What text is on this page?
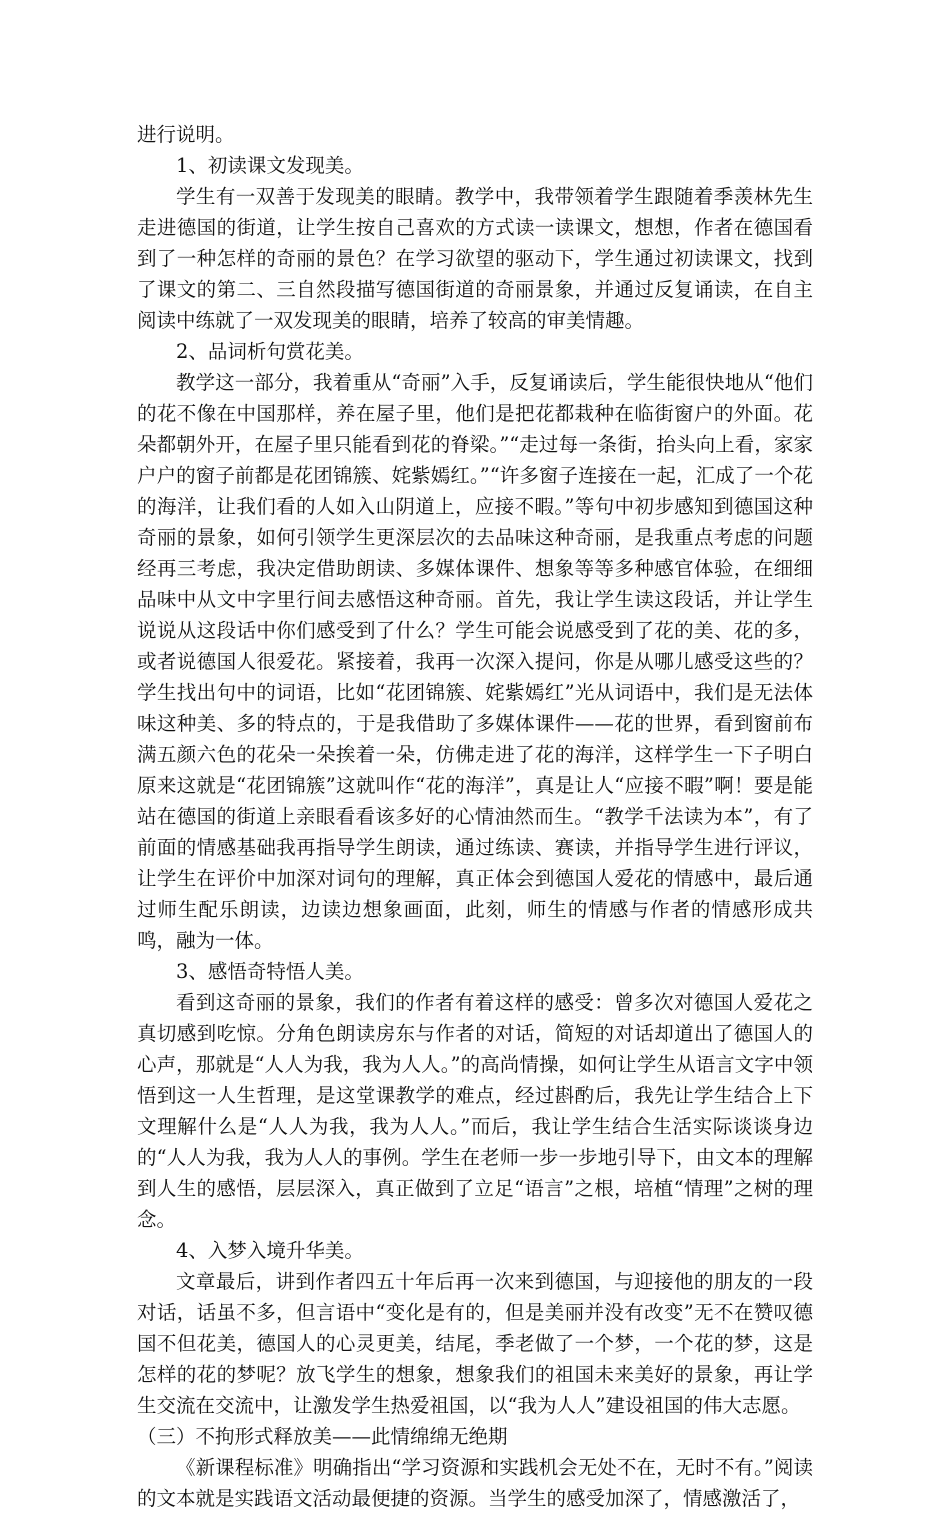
进行说明。

1、初读课文发现美。

学生有一双善于发现美的眼睛。教学中，我带领着学生跟随着季羡林先生走进德国的街道，让学生按自己喜欢的方式读一读课文，想想，作者在德国看到了一种怎样的奇丽的景色？在学习欲望的驱动下，学生通过初读课文，找到了课文的第二、三自然段描写德国街道的奇丽景象，并通过反复诵读，在自主阅读中练就了一双发现美的眼睛，培养了较高的审美情趣。

2、品词析句赏花美。

教学这一部分，我着重从“奇丽”入手，反复诵读后，学生能很快地从“他们的花不像在中国那样，养在屋子里，他们是把花都栽种在临街窗户的外面。花朵都朝外开，在屋子里只能看到花的脊梁。”“走过每一条街，抬头向上看，家家户户的窗子前都是花团锦簇、姹紫嫣红。”“许多窗子连接在一起，汇成了一个花的海洋，让我们看的人如入山阴道上，应接不暇。”等句中初步感知到德国这种奇丽的景象，如何引领学生更深层次的去品味这种奇丽，是我重点考虑的问题经再三考虑，我决定借助朗读、多媒体课件、想象等等多种感官体验，在细细品味中从文中字里行间去感悟这种奇丽。首先，我让学生读这段话，并让学生说说从这段话中你们感受到了什么？学生可能会说感受到了花的美、花的多，或者说德国人很爱花。紧接着，我再一次深入提问，你是从哪儿感受这些的？学生找出句中的词语，比如“花团锦簇、姹紫嫣红”光从词语中，我们是无法体味这种美、多的特点的，于是我借助了多媒体课件——花的世界，看到窗前布满五颜六色的花朵一朵挨着一朵，仿佛走进了花的海洋，这样学生一下子明白原来这就是“花团锦簇”这就叫作“花的海洋”，真是让人“应接不暇”啊！要是能站在德国的街道上亲眼看看该多好的心情油然而生。“教学千法读为本”，有了前面的情感基础我再指导学生朗读，通过练读、赛读，并指导学生进行评议，让学生在评价中加深对词句的理解，真正体会到德国人爱花的情感中，最后通过师生配乐朗读，边读边想象画面，此刻，师生的情感与作者的情感形成共鸣，融为一体。

3、感悟奇特悟人美。

看到这奇丽的景象，我们的作者有着这样的感受：曾多次对德国人爱花之真切感到吃惊。分角色朗读房东与作者的对话，简短的对话却道出了德国人的心声，那就是“人人为我，我为人人。”的高尚情操，如何让学生从语言文字中领悟到这一人生哲理，是这堂课教学的难点，经过斟酌后，我先让学生结合上下文理解什么是“人人为我，我为人人。”而后，我让学生结合生活实际谈谈身边的“人人为我，我为人人的事例。学生在老师一步一步地引导下，由文本的理解到人生的感悟，层层深入，真正做到了立足“语言”之根，培植“情理”之树的理念。

4、入梦入境升华美。

文章最后，讲到作者四五十年后再一次来到德国，与迎接他的朋友的一段对话，话虽不多，但言语中“变化是有的，但是美丽并没有改变”无不在赞叹德国不但花美，德国人的心灵更美，结尾，季老做了一个梦，一个花的梦，这是怎样的花的梦呢？放飞学生的想象，想象我们的祖国未来美好的景象，再让学生交流在交流中，让激发学生热爱祖国，以“我为人人”建设祖国的伟大志愿。

（三）不拘形式释放美——此情绵绵无绝期

《新课程标准》明确指出“学习资源和实践机会无处不在，无时不有。”阅读的文本就是实践语文活动最便捷的资源。当学生的感受加深了，情感激活了，
